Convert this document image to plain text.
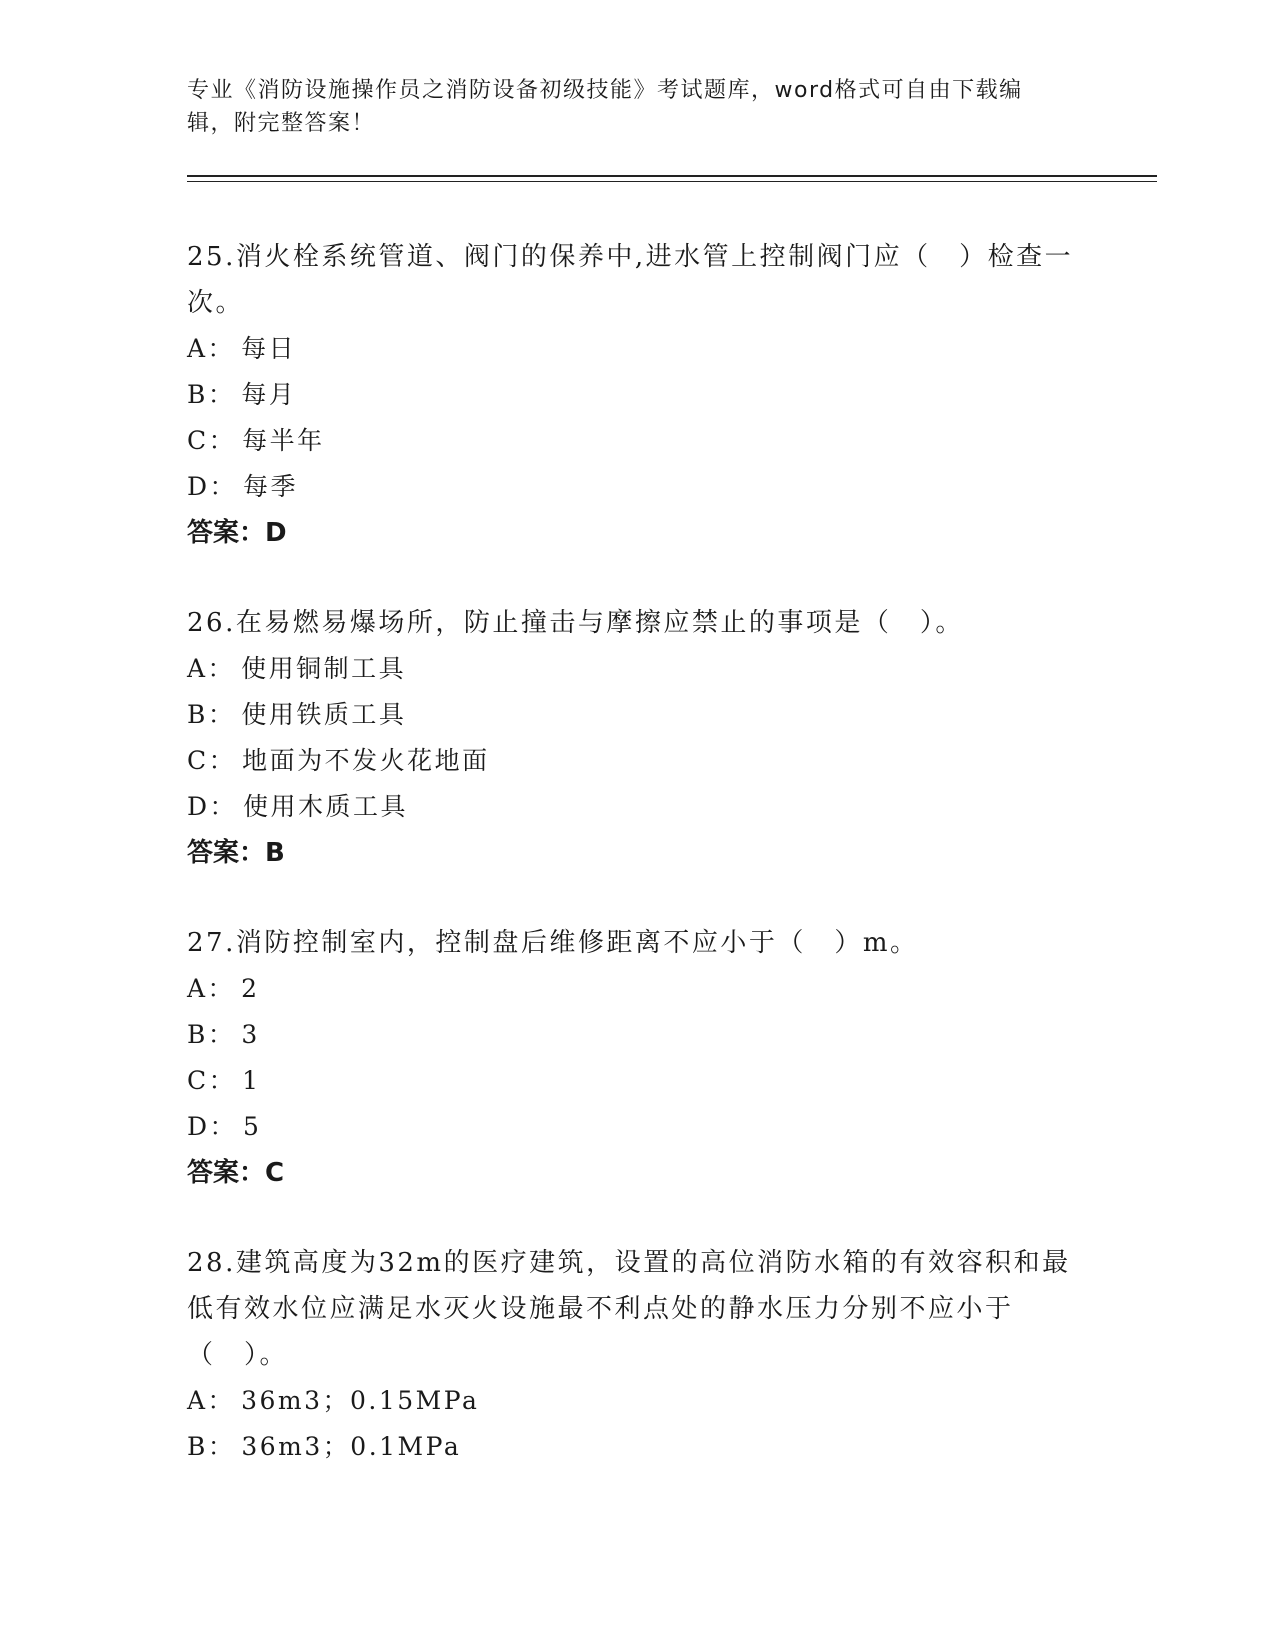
专业《消防设施操作员之消防设备初级技能》考试题库，word格式可自由下载编辑，附完整答案！

25.消火栓系统管道、阀门的保养中,进水管上控制阀门应（　）检查一次。

A： 每日

B： 每月

C： 每半年

D： 每季

答案：D

26.在易燃易爆场所，防止撞击与摩擦应禁止的事项是（　）。

A： 使用铜制工具

B： 使用铁质工具

C： 地面为不发火花地面

D： 使用木质工具

答案：B

27.消防控制室内，控制盘后维修距离不应小于（　）m。

A： 2

B： 3

C： 1

D： 5

答案：C

28.建筑高度为32m的医疗建筑，设置的高位消防水箱的有效容积和最低有效水位应满足水灭火设施最不利点处的静水压力分别不应小于（　）。

A： 36m3；0.15MPa

B： 36m3；0.1MPa
